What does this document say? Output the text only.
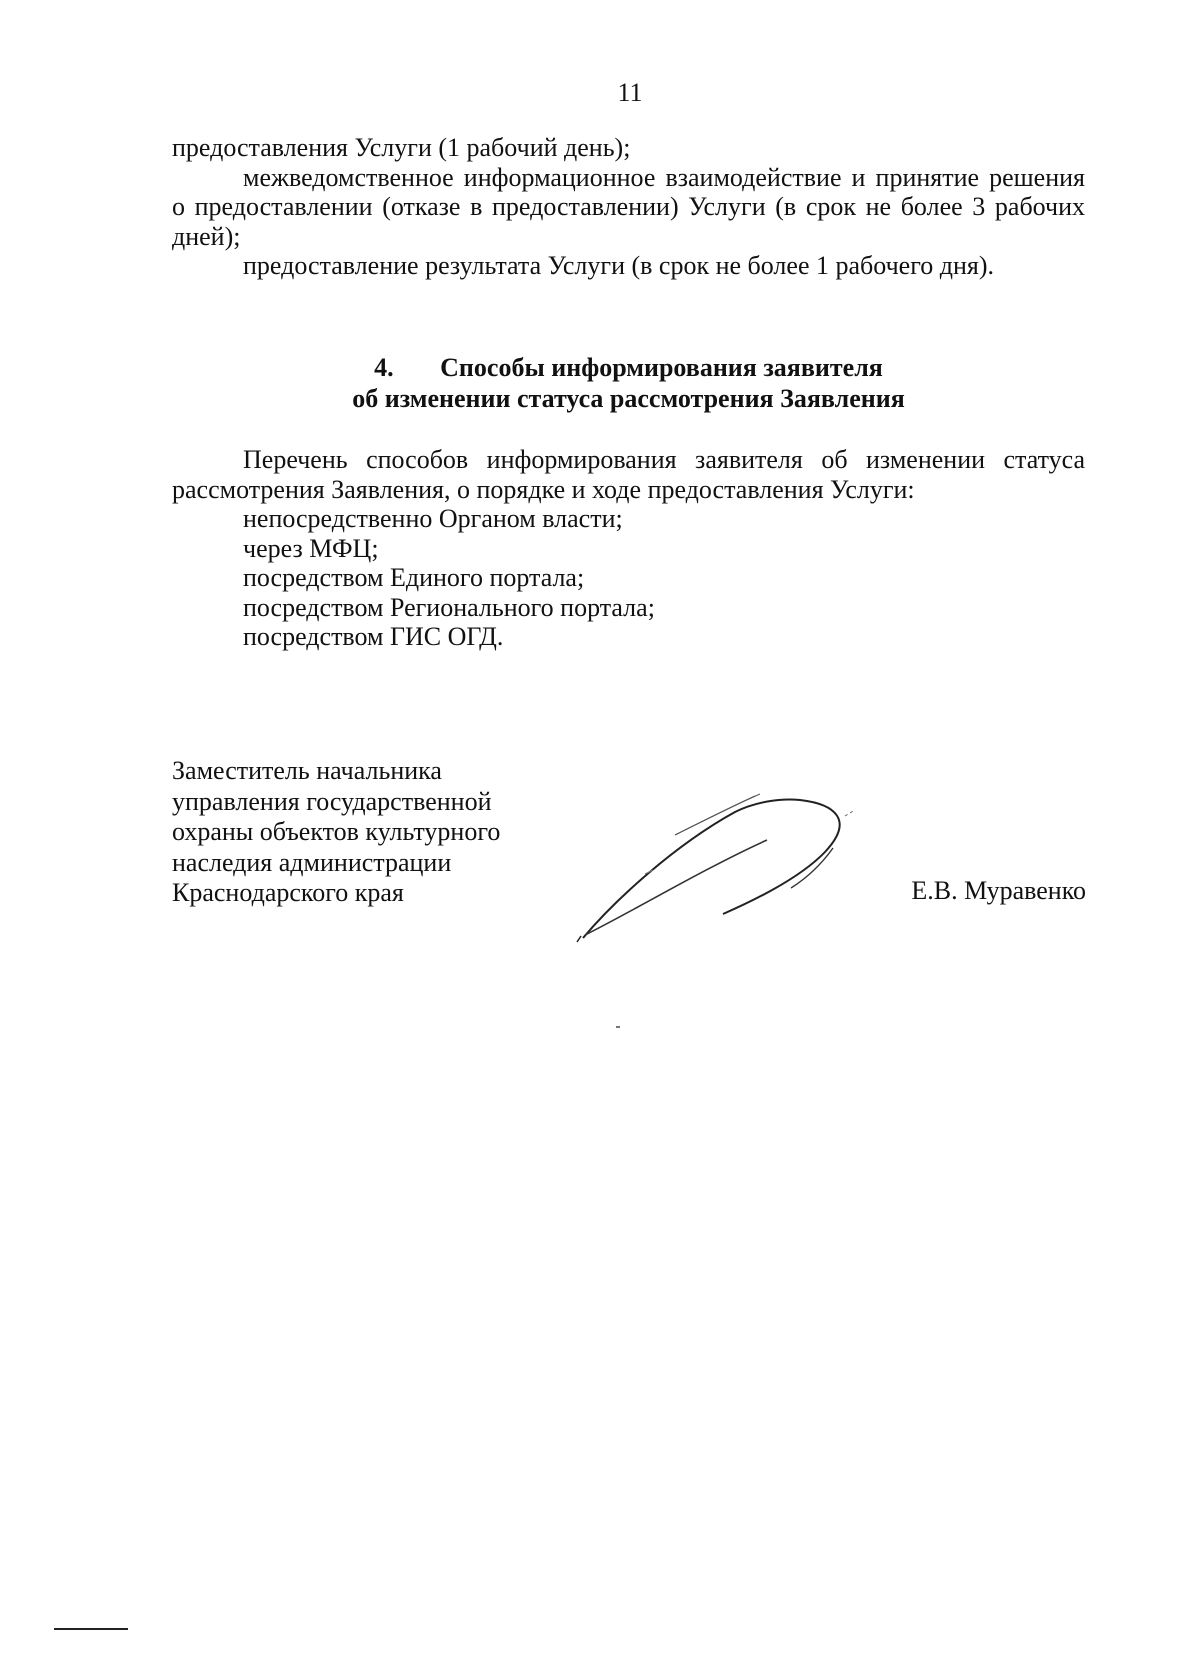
11
предоставления Услуги (1 рабочий день);
межведомственное информационное взаимодействие и принятие решения о предоставлении (отказе в предоставлении) Услуги (в срок не более 3 рабочих дней);
предоставление результата Услуги (в срок не более 1 рабочего дня).
4. Способы информирования заявителя
об изменении статуса рассмотрения Заявления
Перечень способов информирования заявителя об изменении статуса рассмотрения Заявления, о порядке и ходе предоставления Услуги:
непосредственно Органом власти;
через МФЦ;
посредством Единого портала;
посредством Регионального портала;
посредством ГИС ОГД.
Заместитель начальника
управления государственной
охраны объектов культурного
наследия администрации
Краснодарского края	Е.В. Муравенко
